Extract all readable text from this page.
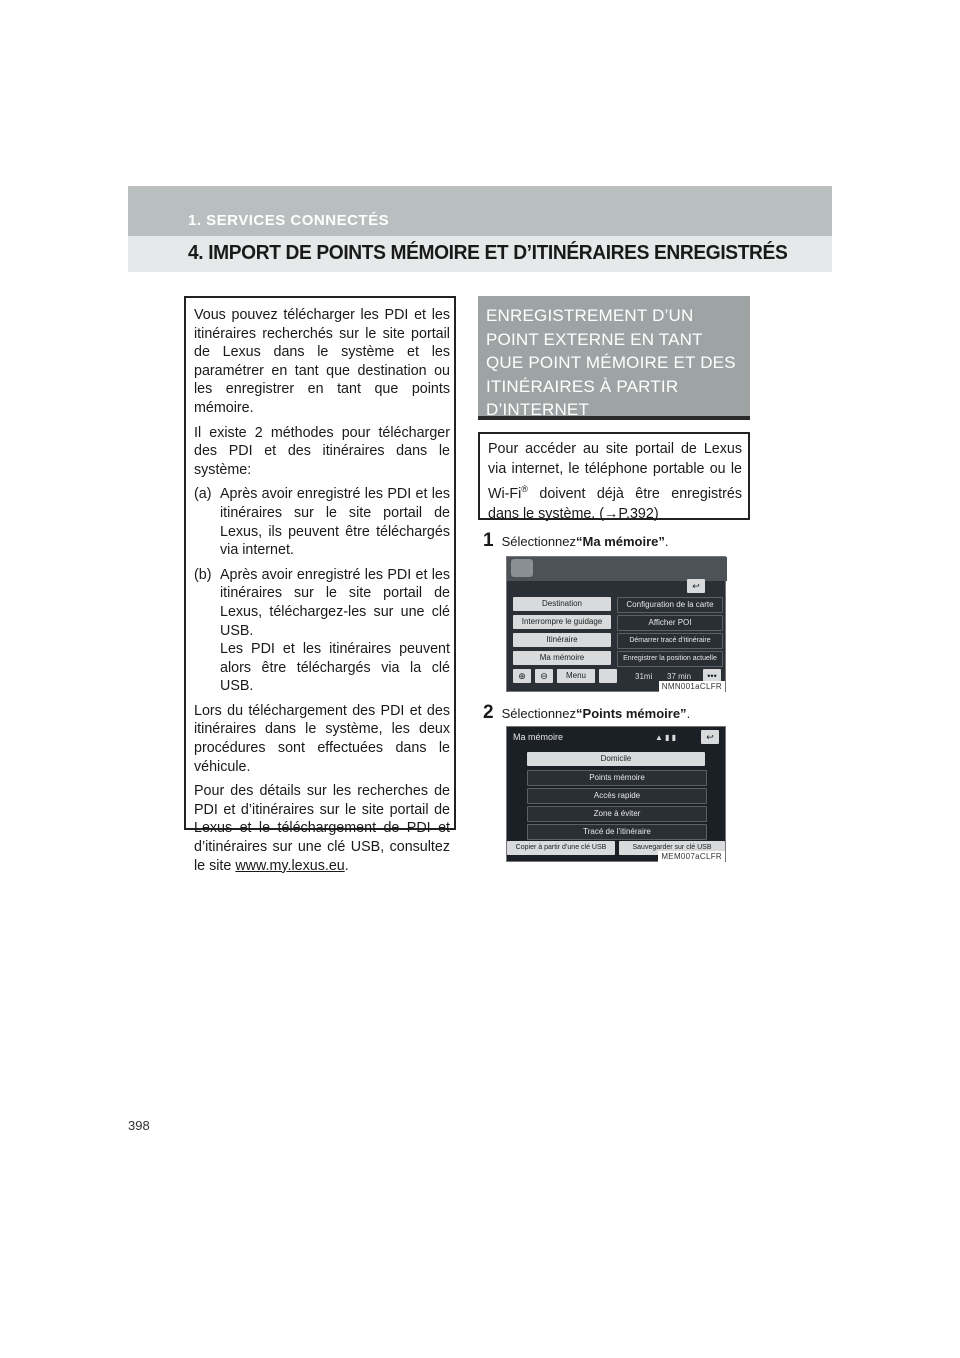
1. SERVICES CONNECTÉS
4. IMPORT DE POINTS MÉMOIRE ET D’ITINÉRAIRES ENREGISTRÉS

Vous pouvez télécharger les PDI et les itinéraires recherchés sur le site portail de Lexus dans le système et les paramétrer en tant que destination ou les enregistrer en tant que points mémoire.

Il existe 2 méthodes pour télécharger des PDI et des itinéraires dans le système:

(a) Après avoir enregistré les PDI et les itinéraires sur le site portail de Lexus, ils peuvent être téléchargés via internet.
(b) Après avoir enregistré les PDI et les itinéraires sur le site portail de Lexus, téléchargez-les sur une clé USB.
Les PDI et les itinéraires peuvent alors être téléchargés via la clé USB.

Lors du téléchargement des PDI et des itinéraires dans le système, les deux procédures sont effectuées dans le véhicule.

Pour des détails sur les recherches de PDI et d’itinéraires sur le site portail de Lexus et le téléchargement de PDI et d’itinéraires sur une clé USB, consultez le site www.my.lexus.eu.

ENREGISTREMENT D’UN POINT EXTERNE EN TANT QUE POINT MÉMOIRE ET DES ITINÉRAIRES À PARTIR D’INTERNET
Pour accéder au site portail de Lexus via internet, le téléphone portable ou le Wi-Fi® doivent déjà être enregistrés dans le système. (→P.392)
1 Sélectionnez “Ma mémoire” .
↩
Destination
Interrompre le guidage
Itinéraire
Ma mémoire
Configuration de la carte
Afficher POI
Démarrer tracé d’itinéraire
Enregistrer la position actuelle
⊕	⊖	Menu	31mi 37 min	•••
NMN001aCLFR
2 Sélectionnez “Points mémoire” .
Ma mémoire	▲ ▮ ▮	↩
Domicile
Points mémoire
Accès rapide
Zone à éviter
Tracé de l’itinéraire
Copier à partir d’une clé USB	Sauvegarder sur clé USB
MEM007aCLFR
398
